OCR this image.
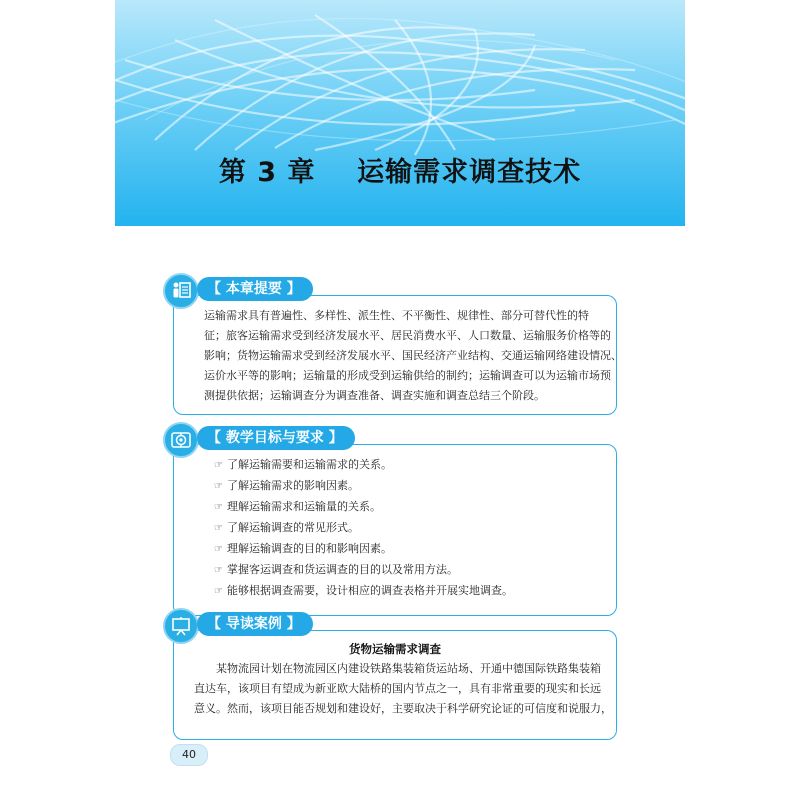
第 3 章    运输需求调查技术
运输需求具有普遍性、多样性、派生性、不平衡性、规律性、部分可替代性的特
征；旅客运输需求受到经济发展水平、居民消费水平、人口数量、运输服务价格等的
影响；货物运输需求受到经济发展水平、国民经济产业结构、交通运输网络建设情况、
运价水平等的影响；运输量的形成受到运输供给的制约；运输调查可以为运输市场预
测提供依据；运输调查分为调查准备、调查实施和调查总结三个阶段。
【 本章提要 】
☞ 了解运输需要和运输需求的关系。
☞ 了解运输需求的影响因素。
☞ 理解运输需求和运输量的关系。
☞ 了解运输调查的常见形式。
☞ 理解运输调查的目的和影响因素。
☞ 掌握客运调查和货运调查的目的以及常用方法。
☞ 能够根据调查需要，设计相应的调查表格并开展实地调查。
【 教学目标与要求 】
货物运输需求调查
某物流园计划在物流园区内建设铁路集装箱货运站场、开通中德国际铁路集装箱
直达车，该项目有望成为新亚欧大陆桥的国内节点之一，具有非常重要的现实和长远
意义。然而，该项目能否规划和建设好，主要取决于科学研究论证的可信度和说服力，
【 导读案例 】
40
